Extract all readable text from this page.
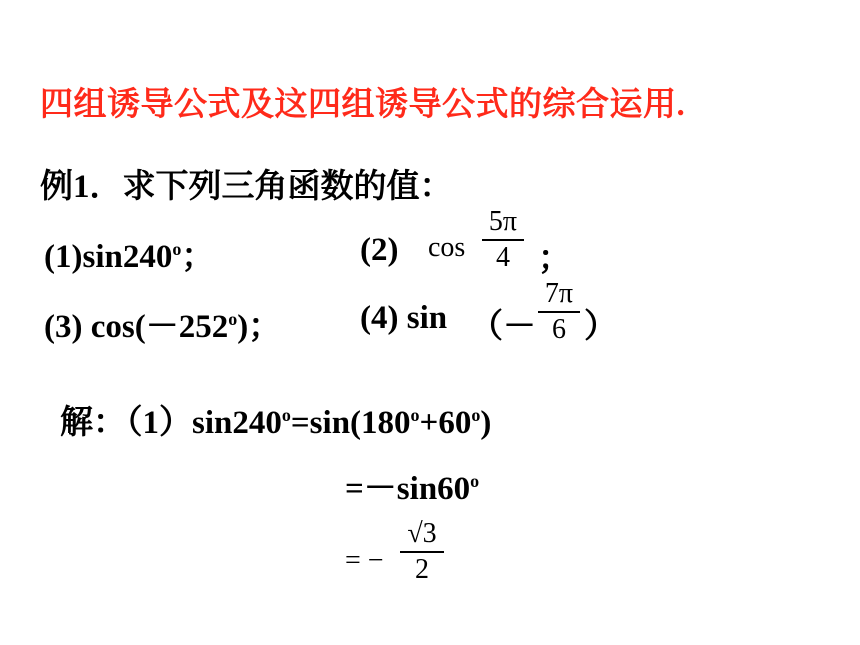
四组诱导公式及这四组诱导公式的综合运用.
例1．求下列三角函数的值：
(1)sin240$^o$；	(2) cos
5π
4 ；
(3) $\cos(-252^o)$； (4) sin （－
7π
6 ）
解：$(1)\sin 240^o=\sin(180^o+60^o)$
$=-\sin 60^o$
= −
√3
2
